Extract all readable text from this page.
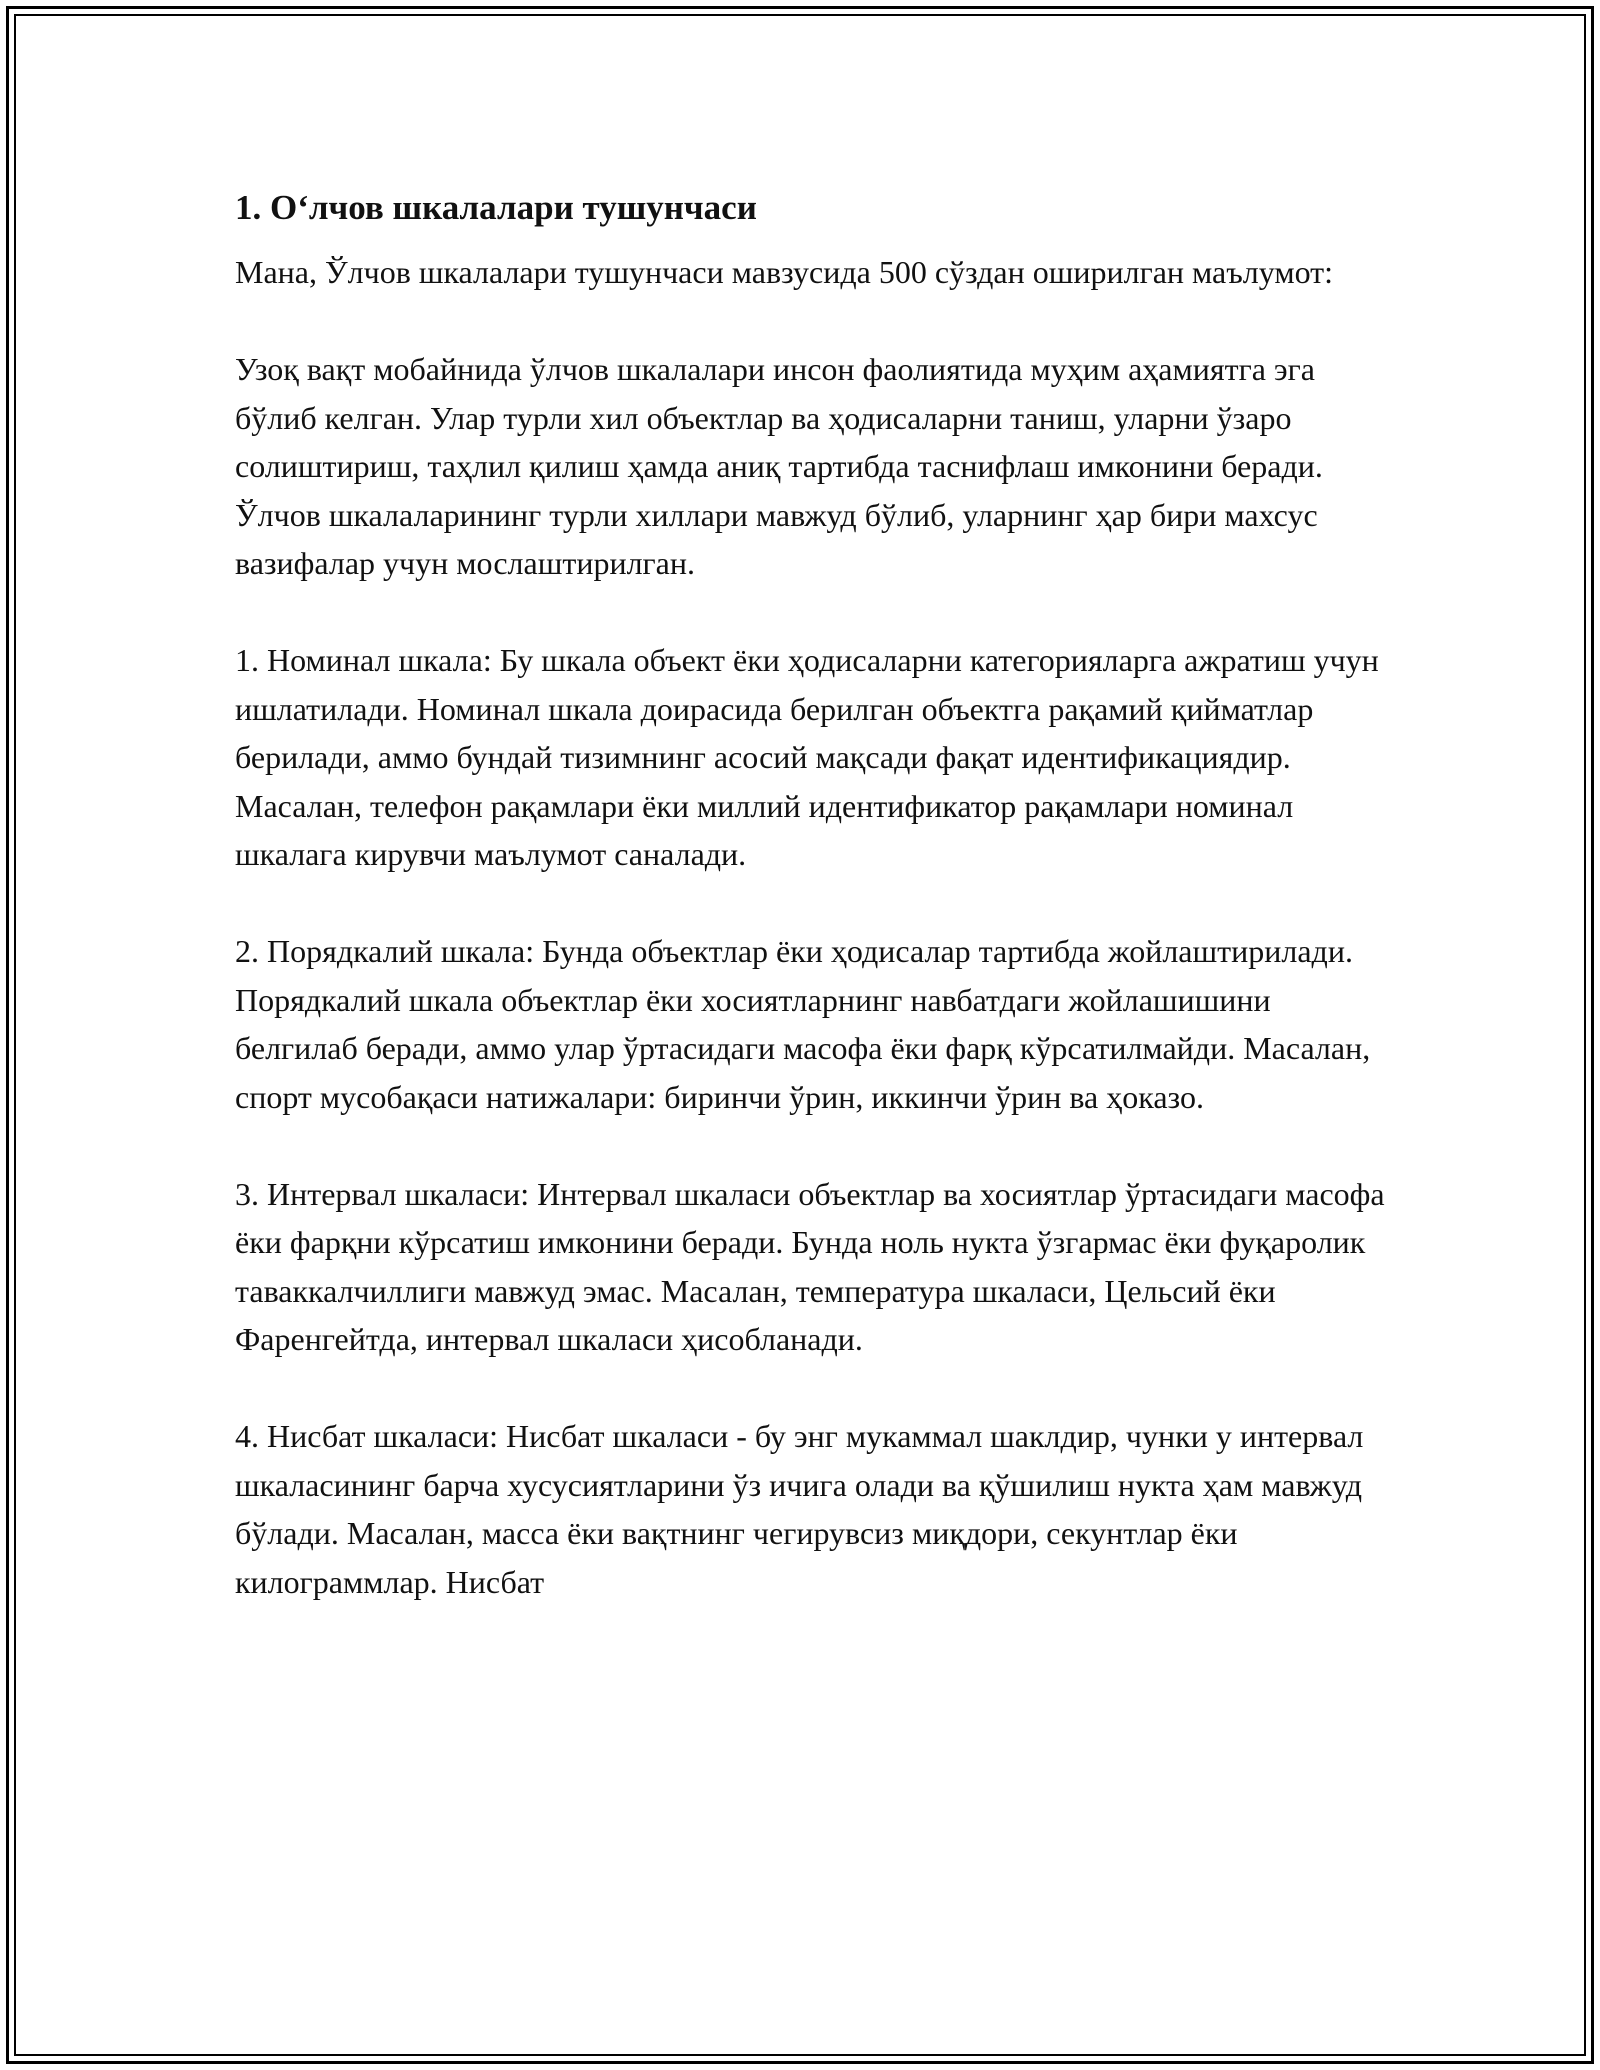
1. Оʻлчов шкалалари тушунчаси

Мана, Ўлчов шкалалари тушунчаси мавзусида 500 сўздан оширилган маълумот:

Узоқ вақт мобайнида ўлчов шкалалари инсон фаолиятида муҳим аҳамиятга эга бўлиб келган. Улар турли хил объектлар ва ҳодисаларни таниш, уларни ўзаро солиштириш, таҳлил қилиш ҳамда аниқ тартибда таснифлаш имконини беради. Ўлчов шкалаларининг турли хиллари мавжуд бўлиб, уларнинг ҳар бири махсус вазифалар учун мослаштирилган.

1. Номинал шкала: Бу шкала объект ёки ҳодисаларни категорияларга ажратиш учун ишлатилади. Номинал шкала доирасида берилган объектга рақамий қийматлар берилади, аммо бундай тизимнинг асосий мақсади фақат идентификациядир. Масалан, телефон рақамлари ёки миллий идентификатор рақамлари номинал шкалага кирувчи маълумот саналади.

2. Порядкалий шкала: Бунда объектлар ёки ҳодисалар тартибда жойлаштирилади. Порядкалий шкала объектлар ёки хосиятларнинг навбатдаги жойлашишини белгилаб беради, аммо улар ўртасидаги масофа ёки фарқ кўрсатилмайди. Масалан, спорт мусобақаси натижалари: биринчи ўрин, иккинчи ўрин ва ҳоказо.

3. Интервал шкаласи: Интервал шкаласи объектлар ва хосиятлар ўртасидаги масофа ёки фарқни кўрсатиш имконини беради. Бунда ноль нукта ўзгармас ёки фуқаролик таваккалчиллиги мавжуд эмас. Масалан, температура шкаласи, Цельсий ёки Фаренгейтда, интервал шкаласи ҳисобланади.

4. Нисбат шкаласи: Нисбат шкаласи - бу энг мукаммал шаклдир, чунки у интервал шкаласининг барча хусусиятларини ўз ичига олади ва қўшилиш нукта ҳам мавжуд бўлади. Масалан, масса ёки вақтнинг чегирувсиз миқдори, секунтлар ёки килограммлар. Нисбат
